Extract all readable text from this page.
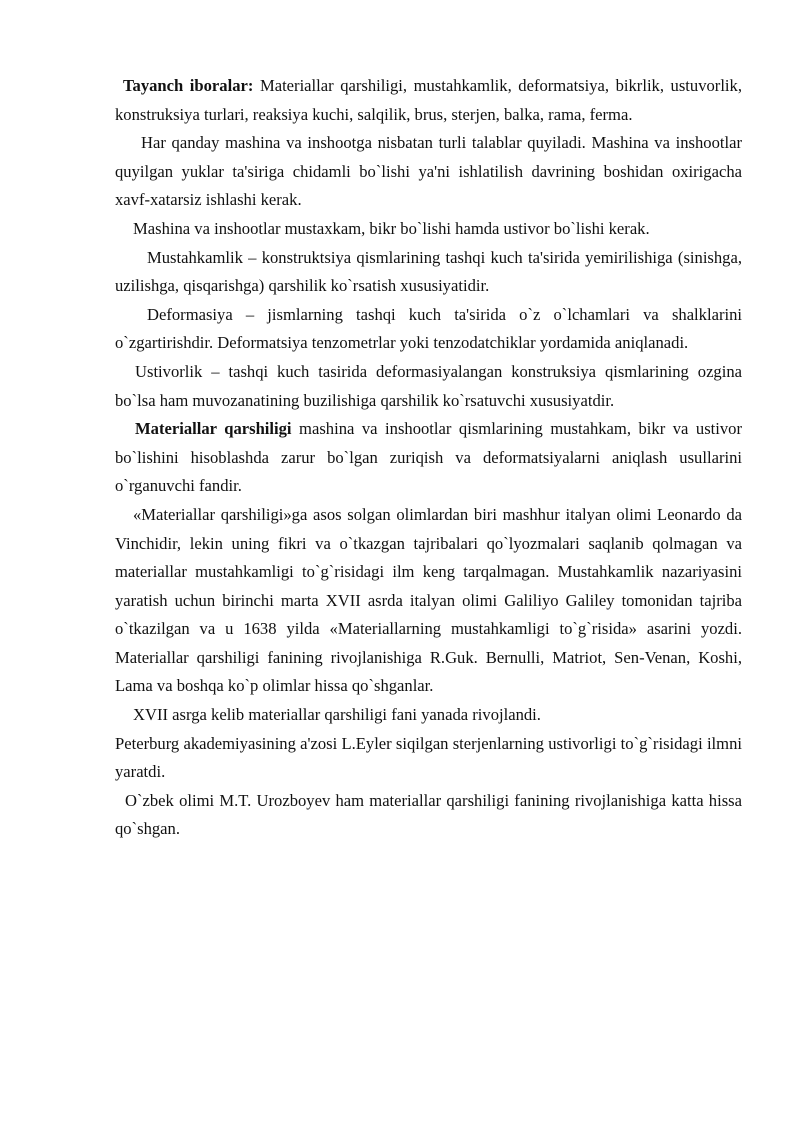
Tayanch iboralar: Materiallar qarshiligi, mustahkamlik, deformatsiya, bikrlik, ustuvorlik, konstruksiya turlari, reaksiya kuchi, salqilik, brus, sterjen, balka, rama, ferma.

Har qanday mashina va inshootga nisbatan turli talablar quyiladi. Mashina va inshootlar quyilgan yuklar ta'siriga chidamli bo`lishi ya'ni ishlatilish davrining boshidan oxirigacha xavf-xatarsiz ishlashi kerak.

Mashina va inshootlar mustaxkam, bikr bo`lishi hamda ustivor bo`lishi kerak.

Mustahkamlik – konstruktsiya qismlarining tashqi kuch ta'sirida yemirilishiga (sinishga, uzilishga, qisqarishga) qarshilik ko`rsatish xususiyatidir.

Deformasiya – jismlarning tashqi kuch ta'sirida o`z o`lchamlari va shalklarini o`zgartirishdir. Deformatsiya tenzometrlar yoki tenzodatchiklar yordamida aniqlanadi.

Ustivorlik – tashqi kuch tasirida deformasiyalangan konstruksiya qismlarining ozgina bo`lsa ham muvozanatining buzilishiga qarshilik ko`rsatuvchi xususiyatdir.

Materiallar qarshiligi mashina va inshootlar qismlarining mustahkam, bikr va ustivor bo`lishini hisoblashda zarur bo`lgan zuriqish va deformatsiyalarni aniqlash usullarini o`rganuvchi fandir.

«Materiallar qarshiligi»ga asos solgan olimlardan biri mashhur italyan olimi Leonardo da Vinchidir, lekin uning fikri va o`tkazgan tajribalari qo`lyozmalari saqlanib qolmagan va materiallar mustahkamligi to`g`risidagi ilm keng tarqalmagan. Mustahkamlik nazariyasini yaratish uchun birinchi marta XVII asrda italyan olimi Galiliyo Galiley tomonidan tajriba o`tkazilgan va u 1638 yilda «Materiallarning mustahkamligi to`g`risida» asarini yozdi. Materiallar qarshiligi fanining rivojlanishiga R.Guk. Bernulli, Matriot, Sen-Venan, Koshi, Lama va boshqa ko`p olimlar hissa qo`shganlar.

XVII asrga kelib materiallar qarshiligi fani yanada rivojlandi.

Peterburg akademiyasining a'zosi L.Eyler siqilgan sterjenlarning ustivorligi to`g`risidagi ilmni yaratdi.

O`zbek olimi M.T. Urozboyev ham materiallar qarshiligi fanining rivojlanishiga katta hissa qo`shgan.
